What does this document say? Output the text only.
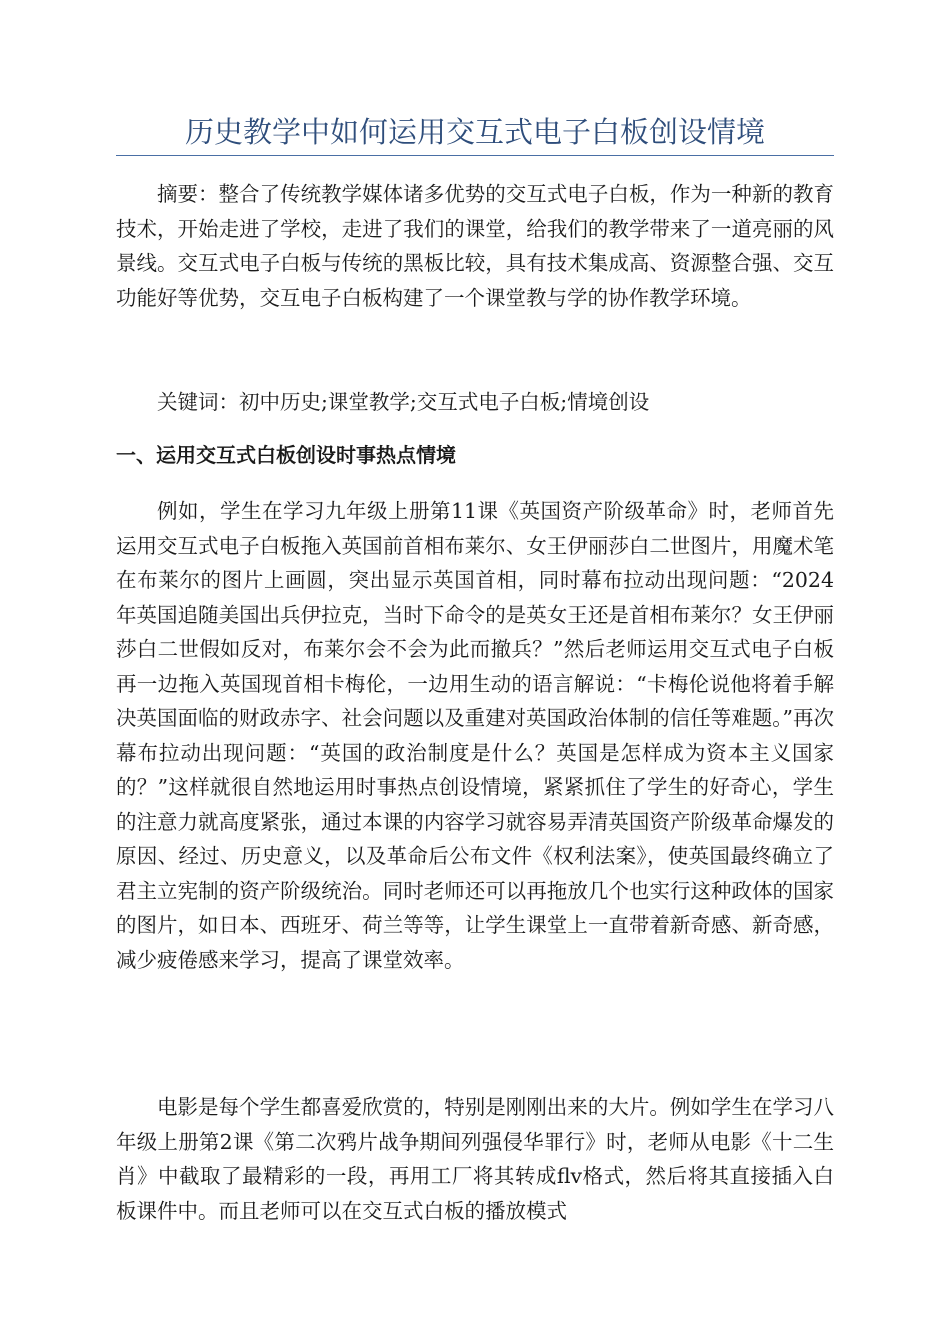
历史教学中如何运用交互式电子白板创设情境

摘要：整合了传统教学媒体诸多优势的交互式电子白板，作为一种新的教育技术，开始走进了学校，走进了我们的课堂，给我们的教学带来了一道亮丽的风景线。交互式电子白板与传统的黑板比较，具有技术集成高、资源整合强、交互功能好等优势，交互电子白板构建了一个课堂教与学的协作教学环境。

关键词：初中历史;课堂教学;交互式电子白板;情境创设

一、运用交互式白板创设时事热点情境

例如，学生在学习九年级上册第11课《英国资产阶级革命》时，老师首先运用交互式电子白板拖入英国前首相布莱尔、女王伊丽莎白二世图片，用魔术笔在布莱尔的图片上画圆，突出显示英国首相，同时幕布拉动出现问题：“2024年英国追随美国出兵伊拉克，当时下命令的是英女王还是首相布莱尔？女王伊丽莎白二世假如反对，布莱尔会不会为此而撤兵？”然后老师运用交互式电子白板再一边拖入英国现首相卡梅伦，一边用生动的语言解说：“卡梅伦说他将着手解决英国面临的财政赤字、社会问题以及重建对英国政治体制的信任等难题。”再次幕布拉动出现问题：“英国的政治制度是什么？英国是怎样成为资本主义国家的？”这样就很自然地运用时事热点创设情境，紧紧抓住了学生的好奇心，学生的注意力就高度紧张，通过本课的内容学习就容易弄清英国资产阶级革命爆发的原因、经过、历史意义，以及革命后公布文件《权利法案》，使英国最终确立了君主立宪制的资产阶级统治。同时老师还可以再拖放几个也实行这种政体的国家的图片，如日本、西班牙、荷兰等等，让学生课堂上一直带着新奇感、新奇感，减少疲倦感来学习，提高了课堂效率。

电影是每个学生都喜爱欣赏的，特别是刚刚出来的大片。例如学生在学习八年级上册第2课《第二次鸦片战争期间列强侵华罪行》时，老师从电影《十二生肖》中截取了最精彩的一段，再用工厂将其转成flv格式，然后将其直接插入白板课件中。而且老师可以在交互式白板的播放模式
